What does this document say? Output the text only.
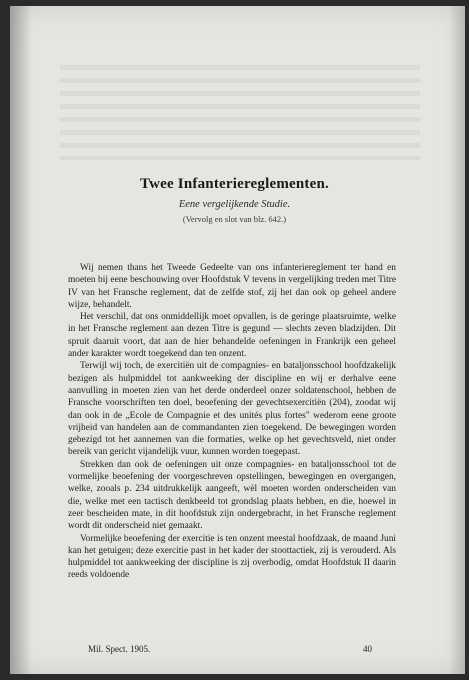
Twee Infanteriereglementen.
Eene vergelijkende Studie.
(Vervolg en slot van blz. 642.)

Wij nemen thans het Tweede Gedeelte van ons infanteriereglement ter hand en moeten bij eene beschouwing over Hoofdstuk V tevens in vergelijking treden met Titre IV van het Fransche reglement, dat de zelfde stof, zij het dan ook op geheel andere wijze, behandelt.

Het verschil, dat ons onmiddellijk moet opvallen, is de geringe plaatsruimte, welke in het Fransche reglement aan dezen Titre is gegund — slechts zeven bladzijden. Dit spruit daaruit voort, dat aan de hier behandelde oefeningen in Frankrijk een geheel ander karakter wordt toegekend dan ten onzent.

Terwijl wij toch, de exercitiën uit de compagnies- en bataljonsschool hoofdzakelijk bezigen als hulpmiddel tot aankweeking der discipline en wij er derhalve eene aanvulling in moeten zien van het derde onderdeel onzer soldatenschool, hebben de Fransche voorschriften ten doel, beoefening der gevechtsexercitiën (204), zoodat wij dan ook in de „Ecole de Compagnie et des unités plus fortes" wederom eene groote vrijheid van handelen aan de commandanten zien toegekend. De bewegingen worden gebezigd tot het aannemen van die formaties, welke op het gevechtsveld, niet onder bereik van gericht vijandelijk vuur, kunnen worden toegepast.

Strekken dan ook de oefeningen uit onze compagnies- en bataljonsschool tot de vormelijke beoefening der voorgeschreven opstellingen, bewegingen en overgangen, welke, zooals p. 234 uitdrukkelijk aangeeft, wèl moeten worden onderscheiden van die, welke met een tactisch denkbeeld tot grondslag plaats hebben, en die, hoewel in zeer bescheiden mate, in dit hoofdstuk zijn ondergebracht, in het Fransche reglement wordt dit onderscheid niet gemaakt.

Vormelijke beoefening der exercitie is ten onzent meestal hoofdzaak, de maand Juni kan het getuigen; deze exercitie past in het kader der stoottactiek, zij is verouderd. Als hulpmiddel tot aankweeking der discipline is zij overbodig, omdat Hoofdstuk II daarin reeds voldoende

Mil. Spect. 1905.	40
